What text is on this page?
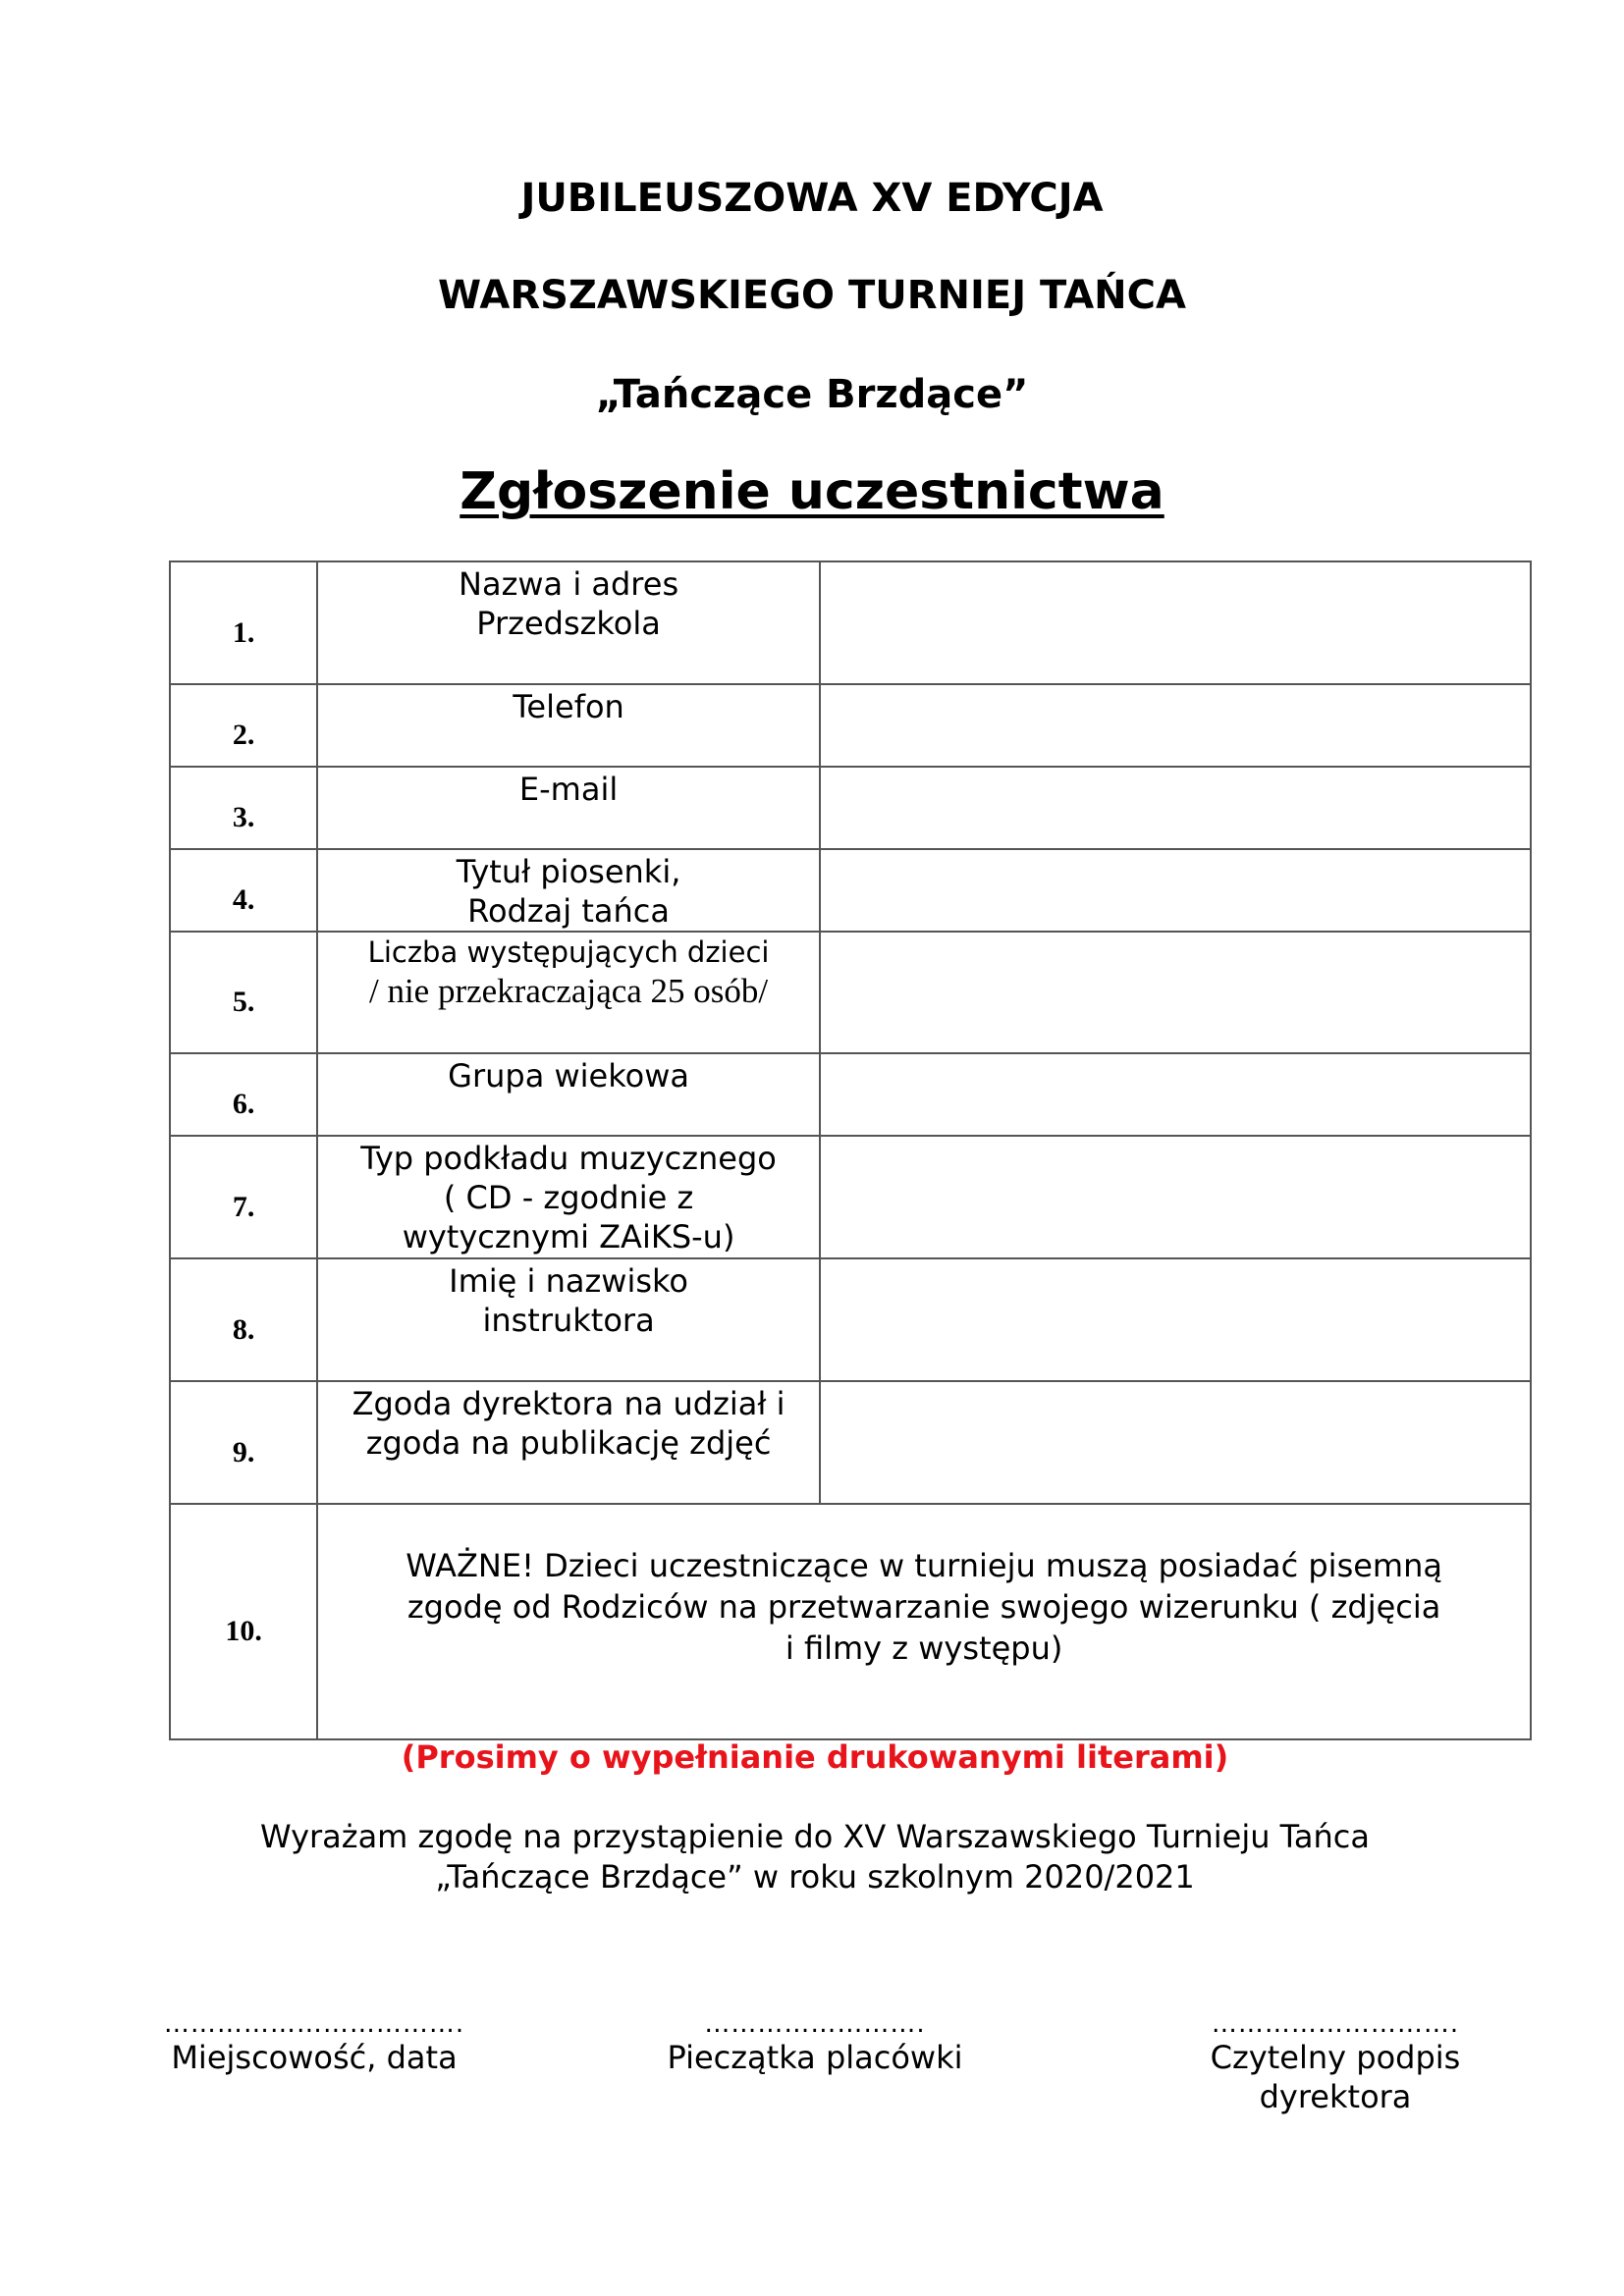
JUBILEUSZOWA XV EDYCJA
WARSZAWSKIEGO TURNIEJ TAŃCA
„Tańczące Brzdące”
Zgłoszenie uczestnictwa
1.	Nazwa i adres
Przedszkola	

2.	Telefon	

3.	E-mail	

4.	Tytuł piosenki,
Rodzaj tańca	

5.	Liczba występujących dzieci
/ nie przekraczająca 25 osób/	

6.	Grupa wiekowa	

7.	Typ podkładu muzycznego
( CD - zgodnie z
wytycznymi ZAiKS-u)	

8.	Imię i nazwisko
instruktora	

9.	Zgoda dyrektora na udział i
zgoda na publikację zdjęć	

10.	WAŻNE! Dzieci uczestniczące w turnieju muszą posiadać pisemną
zgodę od Rodziców na przetwarzanie swojego wizerunku ( zdjęcia
i filmy z występu)	
(Prosimy o wypełnianie drukowanymi literami)
Wyrażam zgodę na przystąpienie do XV Warszawskiego Turnieju Tańca
„Tańczące Brzdące” w roku szkolnym 2020/2021
…………………………….
Miejscowość, data
…………………….
Pieczątka placówki
……………………….
Czytelny podpis
dyrektora
